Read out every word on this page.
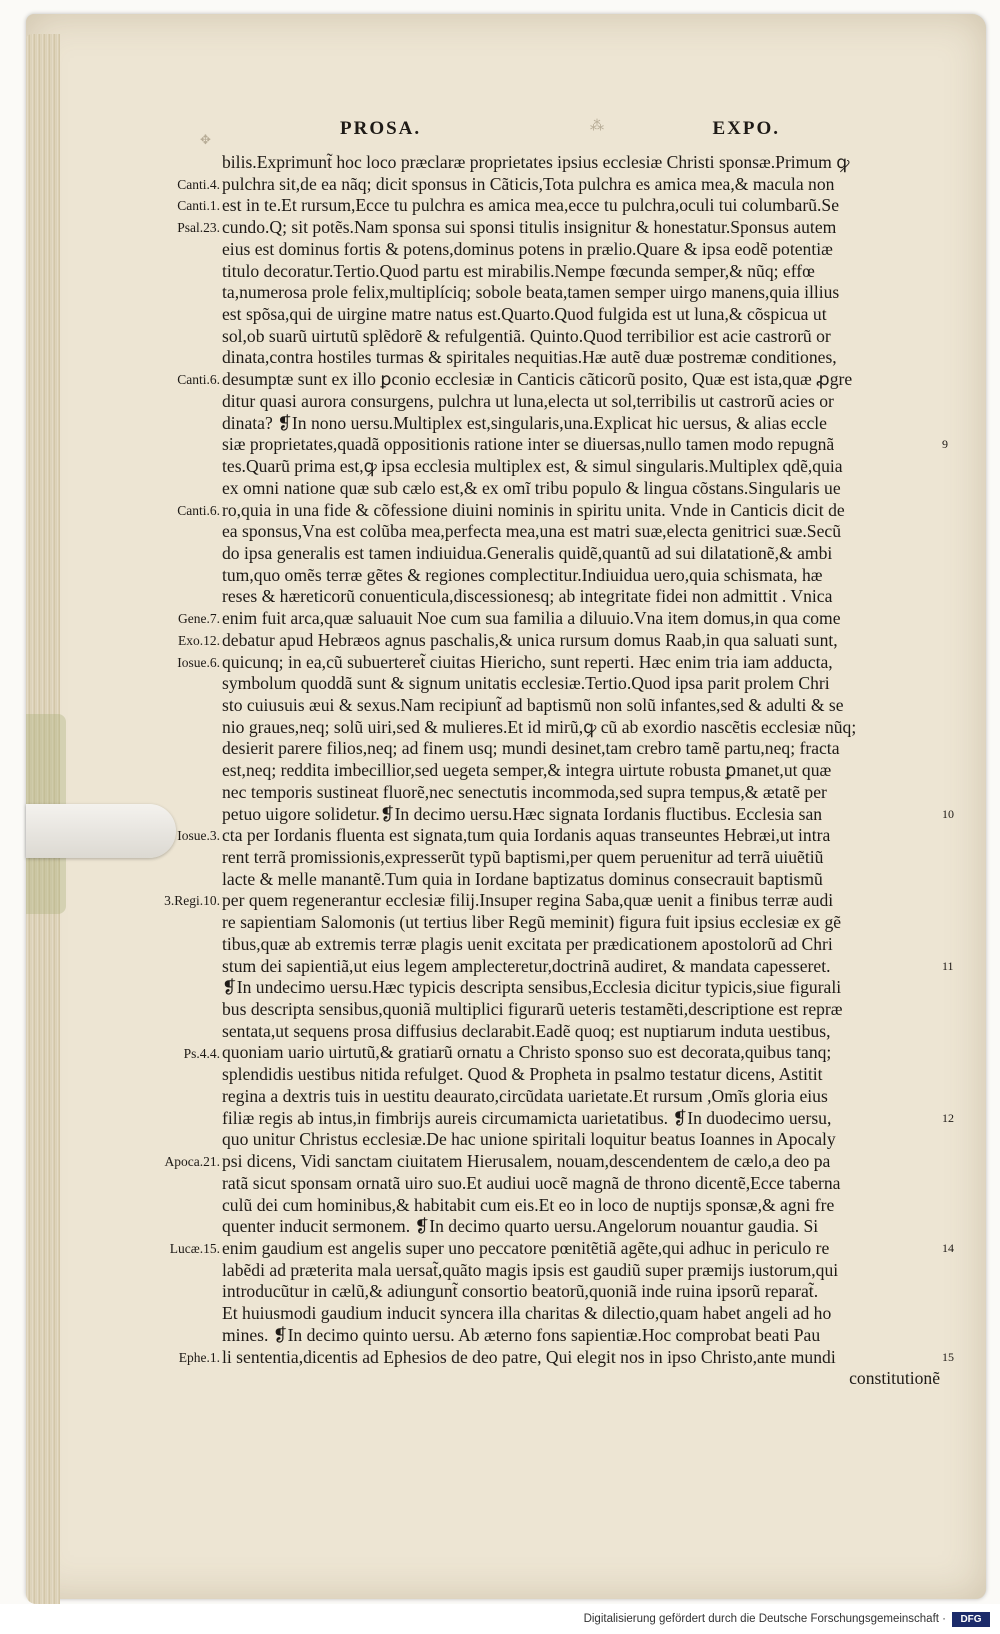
PROSA.	EXPO.
⁂
✥
Canti.4.
Canti.1.
Psal.23.
Canti.6.
Canti.6.
Gene.7.
Exo.12.
Iosue.6.
Iosue.3.
3.Regi.10.
Ps.4.4.
Apoca.21.
Lucæ.15.
Ephe.1.
bilis.Exprimunt̃ hoc loco præclaræ proprietates ipsius ecclesiæ Christi sponsæ.Primum ꝙ
pulchra sit,de ea nãq; dicit sponsus in Cãticis,Tota pulchra es amica mea,& macula non
est in te.Et rursum,Ecce tu pulchra es amica mea,ecce tu pulchra,oculi tui columbarũ.Se
cundo.Q; sit potẽs.Nam sponsa sui sponsi titulis insignitur & honestatur.Sponsus autem
eius est dominus fortis & potens,dominus potens in prælio.Quare & ipsa eodẽ potentiæ
titulo decoratur.Tertio.Quod partu est mirabilis.Nempe fœcunda semper,& nũq; effœ
ta,numerosa prole felix,multiplíciq; sobole beata,tamen semper uirgo manens,quia illius
est spõsa,qui de uirgine matre natus est.Quarto.Quod fulgida est ut luna,& cõspicua ut
sol,ob suarũ uirtutũ splẽdorẽ & refulgentiã. Quinto.Quod terribilior est acie castrorũ or
dinata,contra hostiles turmas & spiritales nequitias.Hæ autẽ duæ postremæ conditiones,
desumptæ sunt ex illo ꝑconio ecclesiæ in Canticis cãticorũ posito, Quæ est ista,quæ ꝓgre
ditur quasi aurora consurgens, pulchra ut luna,electa ut sol,terribilis ut castrorũ acies or
dinata? ❡In nono uersu.Multiplex est,singularis,una.Explicat hic uersus, & alias eccle
siæ proprietates,quadã oppositionis ratione inter se diuersas,nullo tamen modo repugnã
tes.Quarũ prima est,ꝙ ipsa ecclesia multiplex est, & simul singularis.Multiplex qdẽ,quia
ex omni natione quæ sub cælo est,& ex omĩ tribu populo & lingua cõstans.Singularis ue
ro,quia in una fide & cõfessione diuini nominis in spiritu unita. Vnde in Canticis dicit de
ea sponsus,Vna est colũba mea,perfecta mea,una est matri suæ,electa genitrici suæ.Secũ
do ipsa generalis est tamen indiuidua.Generalis quidẽ,quantũ ad sui dilatationẽ,& ambi
tum,quo omẽs terræ gẽtes & regiones complectitur.Indiuidua uero,quia schismata, hæ
reses & hæreticorũ conuenticula,discessionesq; ab integritate fidei non admittit . Vnica
enim fuit arca,quæ saluauit Noe cum sua familia a diluuio.Vna item domus,in qua come
debatur apud Hebræos agnus paschalis,& unica rursum domus Raab,in qua saluati sunt,
quicunq; in ea,cũ subuerteret̃ ciuitas Hiericho, sunt reperti. Hæc enim tria iam adducta,
symbolum quoddã sunt & signum unitatis ecclesiæ.Tertio.Quod ipsa parit prolem Chri
sto cuiusuis æui & sexus.Nam recipiunt̃ ad baptismũ non solũ infantes,sed & adulti & se
nio graues,neq; solũ uiri,sed & mulieres.Et id mirũ,ꝙ cũ ab exordio nascẽtis ecclesiæ nũq;
desierit parere filios,neq; ad finem usq; mundi desinet,tam crebro tamẽ partu,neq; fracta
est,neq; reddita imbecillior,sed uegeta semper,& integra uirtute robusta ꝑmanet,ut quæ
nec temporis sustineat fluorẽ,nec senectutis incommoda,sed supra tempus,& ætatẽ per
petuo uigore solidetur.❡In decimo uersu.Hæc signata Iordanis fluctibus. Ecclesia san
cta per Iordanis fluenta est signata,tum quia Iordanis aquas transeuntes Hebræi,ut intra
rent terrã promissionis,expresserũt typũ baptismi,per quem peruenitur ad terrã uiuẽtiũ
lacte & melle manantẽ.Tum quia in Iordane baptizatus dominus consecrauit baptismũ
per quem regenerantur ecclesiæ filij.Insuper regina Saba,quæ uenit a finibus terræ audi
re sapientiam Salomonis (ut tertius liber Regũ meminit) figura fuit ipsius ecclesiæ ex gẽ
tibus,quæ ab extremis terræ plagis uenit excitata per prædicationem apostolorũ ad Chri
stum dei sapientiã,ut eius legem amplecteretur,doctrinã audiret, & mandata capesseret.
❡In undecimo uersu.Hæc typicis descripta sensibus,Ecclesia dicitur typicis,siue figurali
bus descripta sensibus,quoniã multiplici figurarũ ueteris testamẽti,descriptione est repræ
sentata,ut sequens prosa diffusius declarabit.Eadẽ quoq; est nuptiarum induta uestibus,
quoniam uario uirtutũ,& gratiarũ ornatu a Christo sponso suo est decorata,quibus tanq;
splendidis uestibus nitida refulget. Quod & Propheta in psalmo testatur dicens, Astitit
regina a dextris tuis in uestitu deaurato,circũdata uarietate.Et rursum ,Omĩs gloria eius
filiæ regis ab intus,in fimbrijs aureis circumamicta uarietatibus. ❡In duodecimo uersu,
quo unitur Christus ecclesiæ.De hac unione spiritali loquitur beatus Ioannes in Apocaly
psi dicens, Vidi sanctam ciuitatem Hierusalem, nouam,descendentem de cælo,a deo pa
ratã sicut sponsam ornatã uiro suo.Et audiui uocẽ magnã de throno dicentẽ,Ecce taberna
culũ dei cum hominibus,& habitabit cum eis.Et eo in loco de nuptijs sponsæ,& agni fre
quenter inducit sermonem. ❡In decimo quarto uersu.Angelorum nouantur gaudia. Si
enim gaudium est angelis super uno peccatore pœnitẽtiã agẽte,qui adhuc in periculo re
labẽdi ad præterita mala uersat̃,quãto magis ipsis est gaudiũ super præmijs iustorum,qui
introducũtur in cælũ,& adiungunt̃ consortio beatorũ,quoniã inde ruina ipsorũ reparat̃.
Et huiusmodi gaudium inducit syncera illa charitas & dilectio,quam habet angeli ad ho
mines. ❡In decimo quinto uersu. Ab æterno fons sapientiæ.Hoc comprobat beati Pau
li sententia,dicentis ad Ephesios de deo patre, Qui elegit nos in ipso Christo,ante mundi
constitutionẽ
9
10
11
12
14
15
Digitalisierung gefördert durch die Deutsche Forschungsgemeinschaft ·	DFG
